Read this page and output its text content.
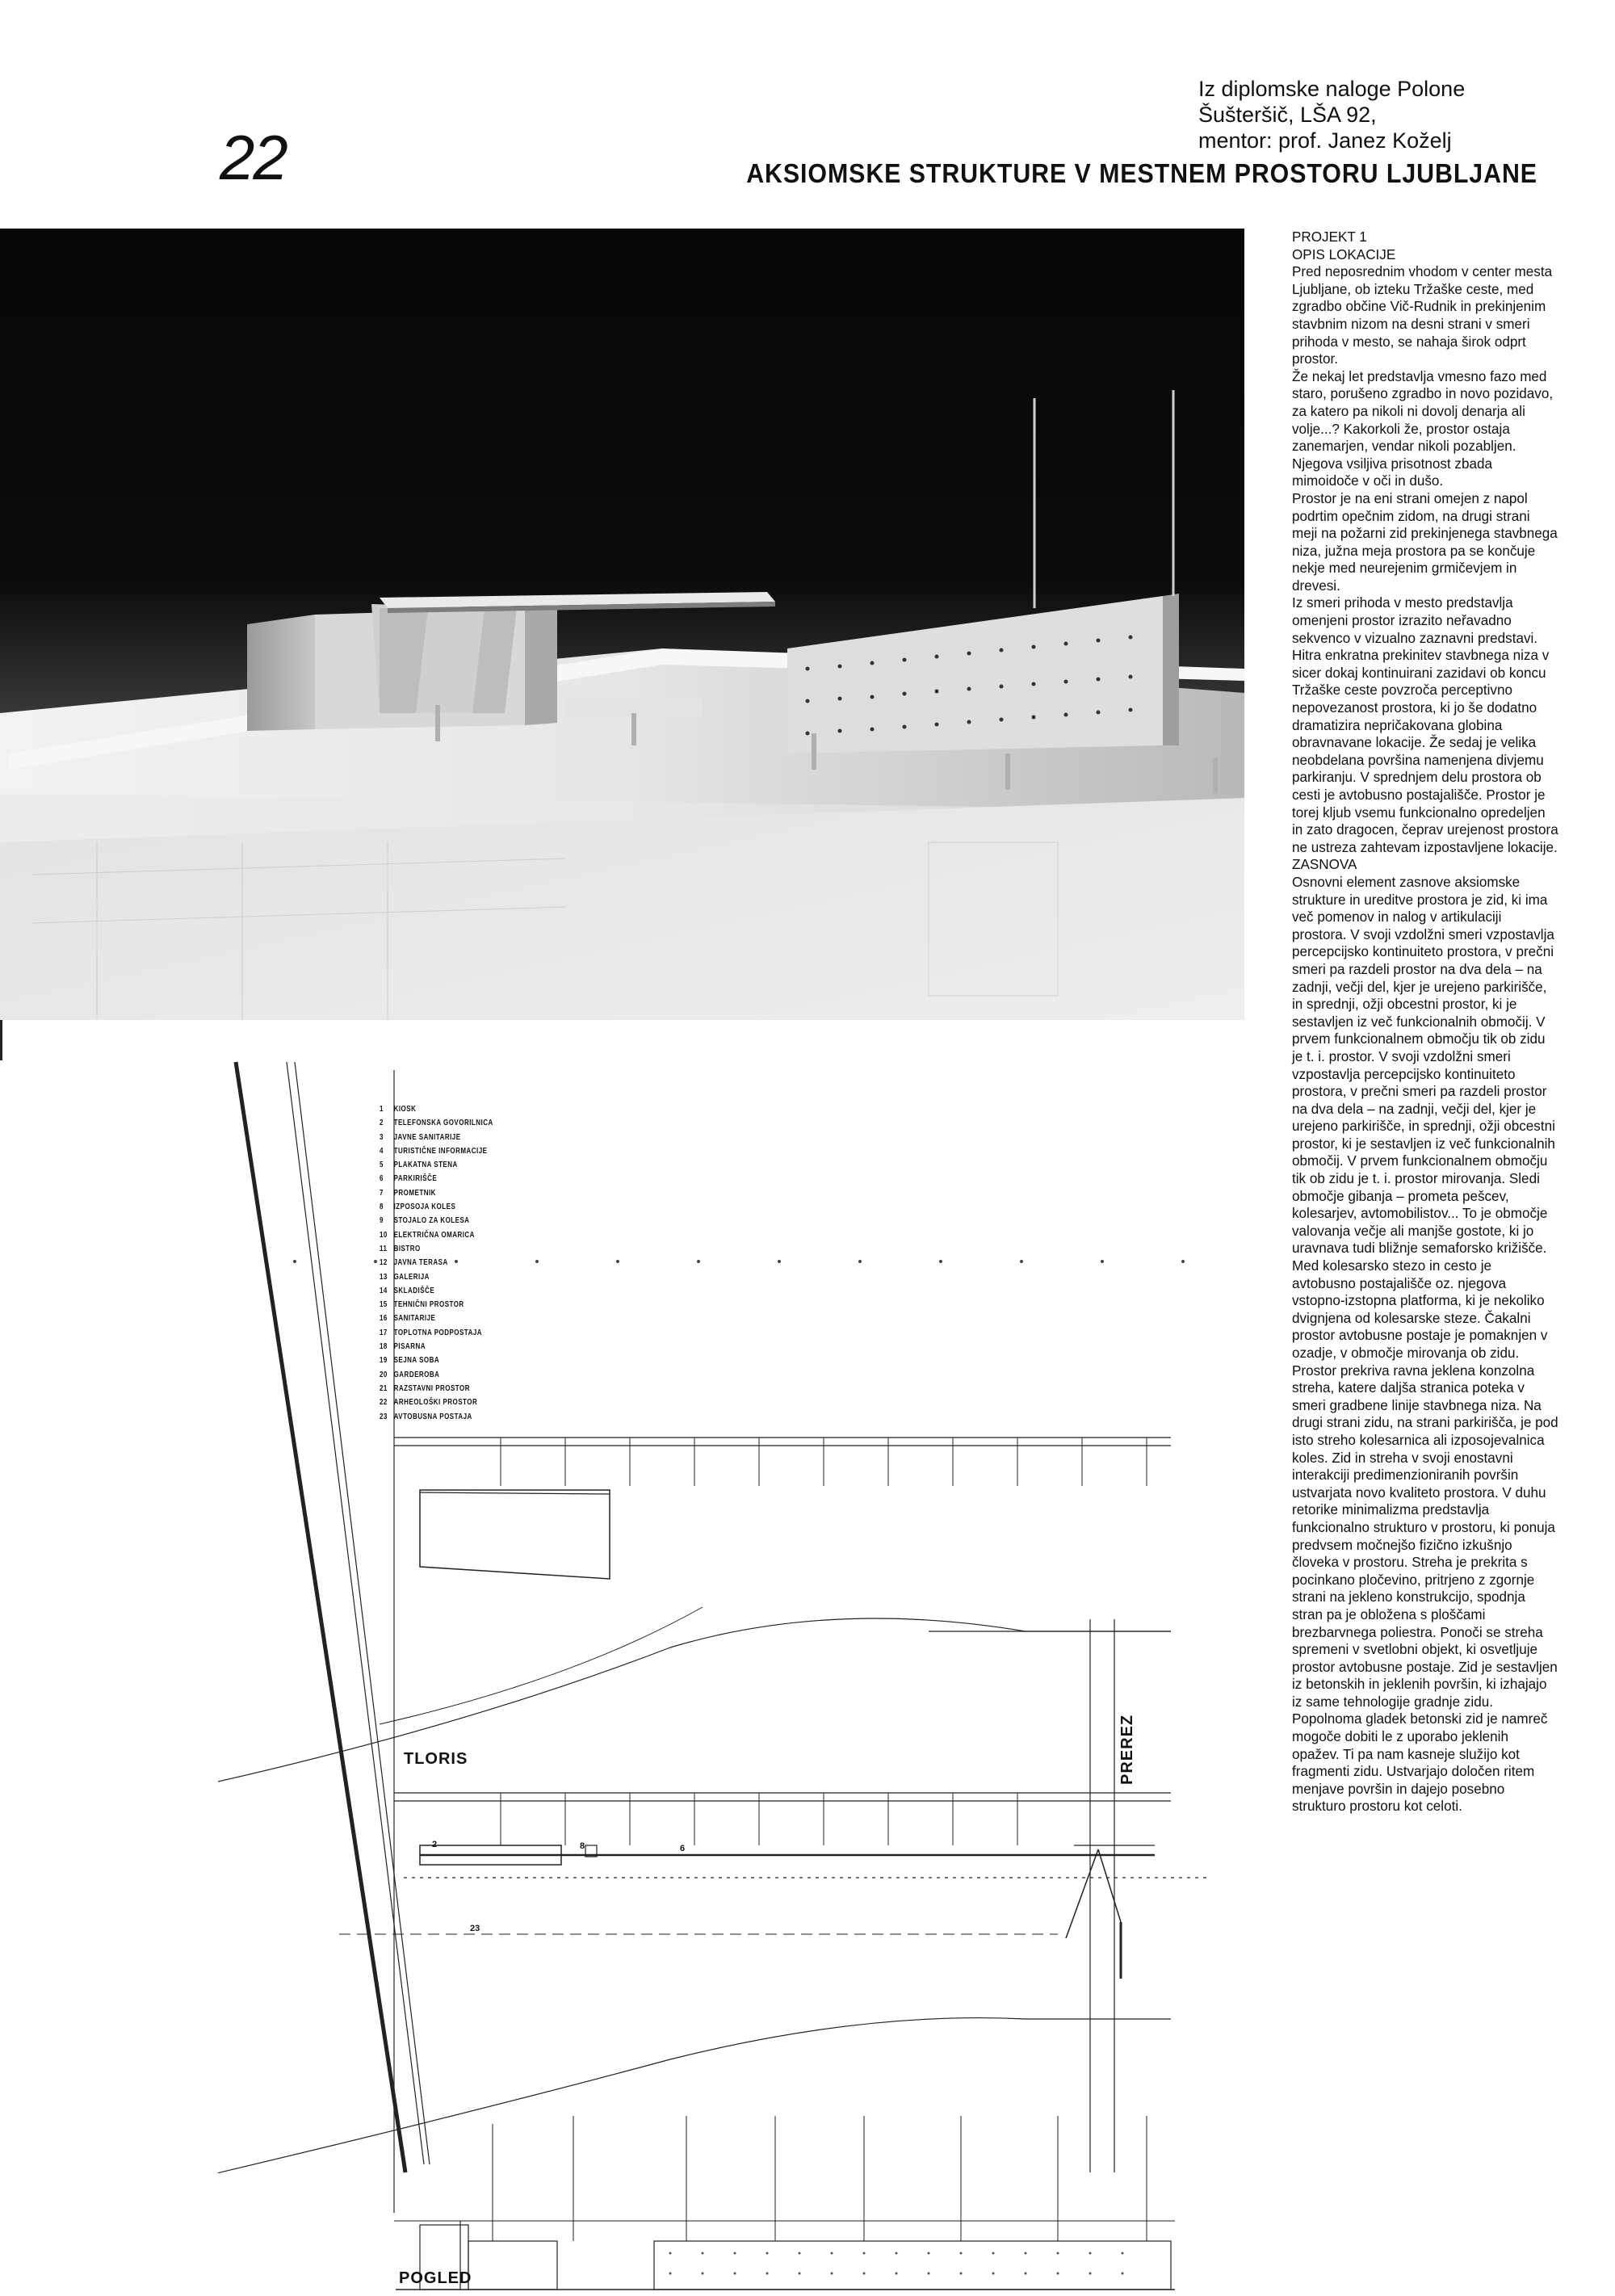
22
Iz diplomske naloge Polone
Šušteršič, LŠA 92,
mentor: prof. Janez Koželj
AKSIOMSKE STRUKTURE V MESTNEM PROSTORU LJUBLJANE

PROJEKT 1

OPIS LOKACIJE

Pred neposrednim vhodom v center mesta Ljubljane, ob izteku Tržaške ceste, med zgradbo občine Vič-Rudnik in prekinjenim stavbnim nizom na desni strani v smeri prihoda v mesto, se nahaja širok odprt prostor.

Že nekaj let predstavlja vmesno fazo med staro, porušeno zgradbo in novo pozidavo, za katero pa nikoli ni dovolj denarja ali volje...? Kakorkoli že, prostor ostaja zanemarjen, vendar nikoli pozabljen. Njegova vsiljiva prisotnost zbada mimoidoče v oči in dušo.

Prostor je na eni strani omejen z napol podrtim opečnim zidom, na drugi strani meji na požarni zid prekinjenega stavbnega niza, južna meja prostora pa se končuje nekje med neurejenim grmičevjem in drevesi.

Iz smeri prihoda v mesto predstavlja omenjeni prostor izrazito neřavadno sekvenco v vizualno zaznavni predstavi. Hitra enkratna prekinitev stavbnega niza v sicer dokaj kontinuirani zazidavi ob koncu Tržaške ceste povzroča perceptivno nepovezanost prostora, ki jo še dodatno dramatizira nepričakovana globina obravnavane lokacije. Že sedaj je velika neobdelana površina namenjena divjemu parkiranju. V sprednjem delu prostora ob cesti je avtobusno postajališče. Prostor je torej kljub vsemu funkcionalno opredeljen in zato dragocen, čeprav urejenost prostora ne ustreza zahtevam izpostavljene lokacije.

ZASNOVA

Osnovni element zasnove aksiomske strukture in ureditve prostora je zid, ki ima več pomenov in nalog v artikulaciji prostora. V svoji vzdolžni smeri vzpostavlja percepcijsko kontinuiteto prostora, v prečni smeri pa razdeli prostor na dva dela – na zadnji, večji del, kjer je urejeno parkirišče, in sprednji, ožji obcestni prostor, ki je sestavljen iz več funkcionalnih območij. V prvem funkcionalnem območju tik ob zidu je t. i. prostor. V svoji vzdolžni smeri vzpostavlja percepcijsko kontinuiteto prostora, v prečni smeri pa razdeli prostor na dva dela – na zadnji, večji del, kjer je urejeno parkirišče, in sprednji, ožji obcestni prostor, ki je sestavljen iz več funkcionalnih območij. V prvem funkcionalnem območju tik ob zidu je t. i. prostor mirovanja. Sledi območje gibanja – prometa pešcev, kolesarjev, avtomobilistov... To je območje valovanja večje ali manjše gostote, ki jo uravnava tudi bližnje semaforsko križišče. Med kolesarsko stezo in cesto je avtobusno postajališče oz. njegova vstopno-izstopna platforma, ki je nekoliko dvignjena od kolesarske steze. Čakalni prostor avtobusne postaje je pomaknjen v ozadje, v območje mirovanja ob zidu. Prostor prekriva ravna jeklena konzolna streha, katere daljša stranica poteka v smeri gradbene linije stavbnega niza. Na drugi strani zidu, na strani parkirišča, je pod isto streho kolesarnica ali izposojevalnica koles. Zid in streha v svoji enostavni interakciji predimenzioniranih površin ustvarjata novo kvaliteto prostora. V duhu retorike minimalizma predstavlja funkcionalno strukturo v prostoru, ki ponuja predvsem močnejšo fizično izkušnjo človeka v prostoru. Streha je prekrita s pocinkano pločevino, pritrjeno z zgornje strani na jekleno konstrukcijo, spodnja stran pa je obložena s ploščami brezbarvnega poliestra. Ponoči se streha spremeni v svetlobni objekt, ki osvetljuje prostor avtobusne postaje. Zid je sestavljen iz betonskih in jeklenih površin, ki izhajajo iz same tehnologije gradnje zidu. Popolnoma gladek betonski zid je namreč mogoče dobiti le z uporabo jeklenih opažev. Ti pa nam kasneje služijo kot fragmenti zidu. Ustvarjajo določen ritem menjave površin in dajejo posebno strukturo prostoru kot celoti.

1 KIOSK
2 TELEFONSKA GOVORILNICA
3 JAVNE SANITARIJE
4 TURISTIČNE INFORMACIJE
5 PLAKATNA STENA
6 PARKIRIŠČE
7 PROMETNIK
8 IZPOSOJA KOLES
9 STOJALO ZA KOLESA
10 ELEKTRIČNA OMARICA
11 BISTRO
12 JAVNA TERASA
13 GALERIJA
14 SKLADIŠČE
15 TEHNIČNI PROSTOR
16 SANITARIJE
17 TOPLOTNA PODPOSTAJA
18 PISARNA
19 SEJNA SOBA
20 GARDEROBA
21 RAZSTAVNI PROSTOR
22 ARHEOLOŠKI PROSTOR
23 AVTOBUSNA POSTAJA
TLORIS	PREREZ
POGLED
2	8	6
23
